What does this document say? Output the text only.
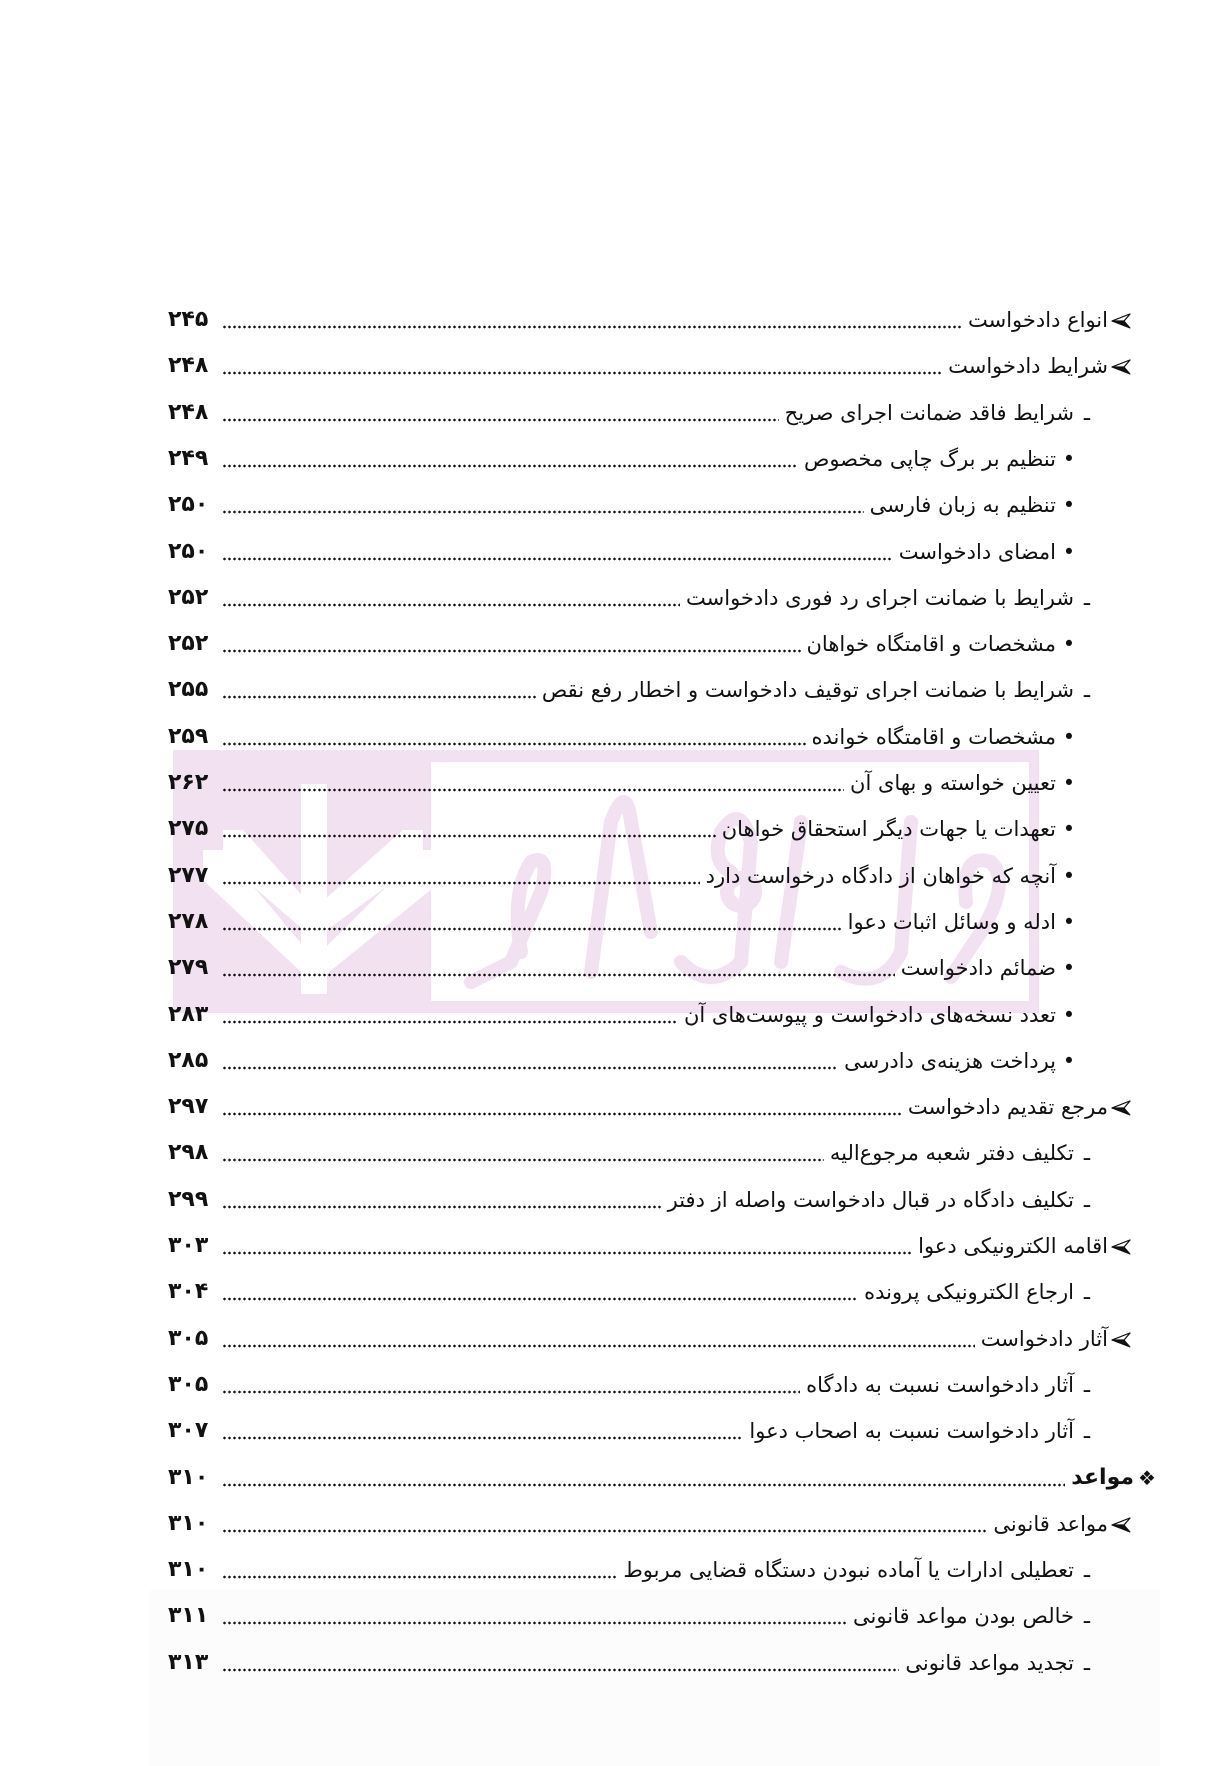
انواع دادخواست
۲۴۵
شرایط دادخواست
۲۴۸
ـ
شرایط فاقد ضمانت اجرای صریح
۲۴۸
•
تنظیم بر برگ چاپی مخصوص
۲۴۹
•
تنظیم به زبان فارسی
۲۵۰
•
امضای دادخواست
۲۵۰
ـ
شرایط با ضمانت اجرای رد فوری دادخواست
۲۵۲
•
مشخصات و اقامتگاه خواهان
۲۵۲
ـ
شرایط با ضمانت اجرای توقیف دادخواست و اخطار رفع نقص
۲۵۵
•
مشخصات و اقامتگاه خوانده
۲۵۹
•
تعیین خواسته و بهای آن
۲۶۲
•
تعهدات یا جهات دیگر استحقاق خواهان
۲۷۵
•
آنچه که خواهان از دادگاه درخواست دارد
۲۷۷
•
ادله و وسائل اثبات دعوا
۲۷۸
•
ضمائم دادخواست
۲۷۹
•
تعدد نسخه‌های دادخواست و پیوست‌های آن
۲۸۳
•
پرداخت هزینه‌ی دادرسی
۲۸۵
مرجع تقدیم دادخواست
۲۹۷
ـ
تکلیف دفتر شعبه مرجوع‌الیه
۲۹۸
ـ
تکلیف دادگاه در قبال دادخواست واصله از دفتر
۲۹۹
اقامه الکترونیکی دعوا
۳۰۳
ـ
ارجاع الکترونیکی پرونده
۳۰۴
آثار دادخواست
۳۰۵
ـ
آثار دادخواست نسبت به دادگاه
۳۰۵
ـ
آثار دادخواست نسبت به اصحاب دعوا
۳۰۷
❖
مواعد
۳۱۰
مواعد قانونی
۳۱۰
ـ
تعطیلی ادارات یا آماده نبودن دستگاه قضایی مربوط
۳۱۰
ـ
خالص بودن مواعد قانونی
۳۱۱
ـ
تجدید مواعد قانونی
۳۱۳
